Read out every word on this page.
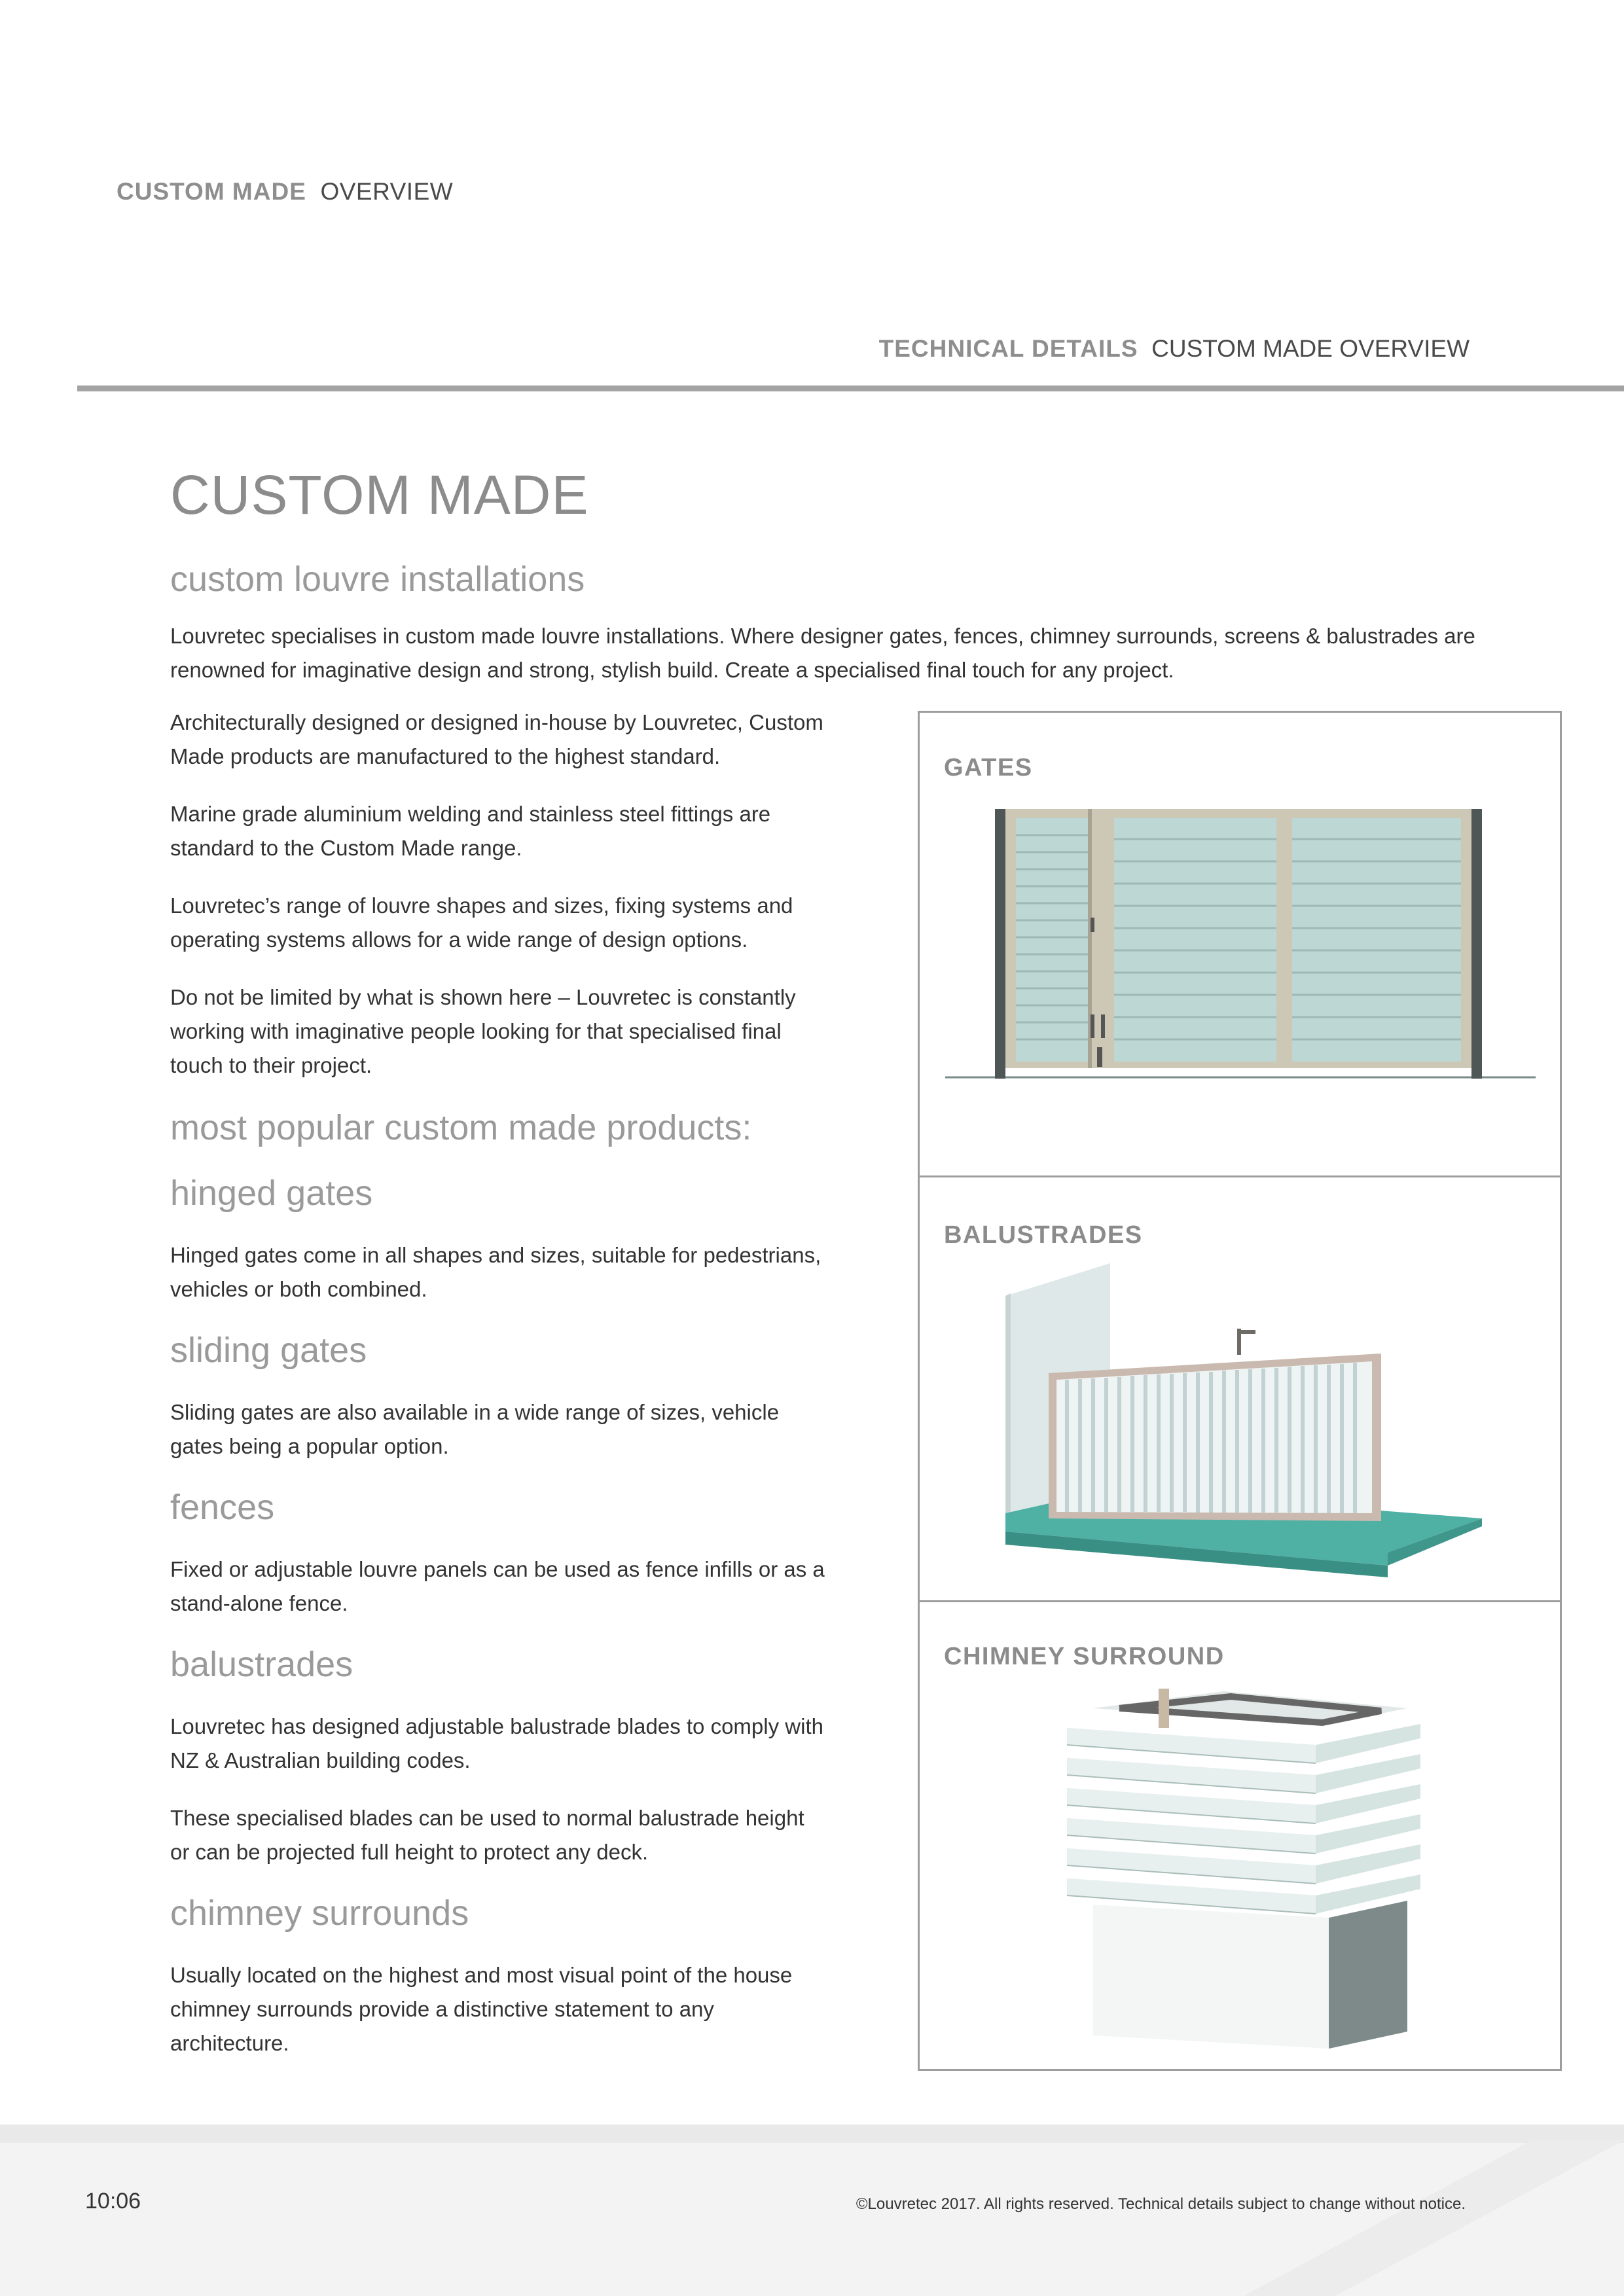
CUSTOM MADE OVERVIEW
TECHNICAL DETAILS CUSTOM MADE OVERVIEW
CUSTOM MADE
custom louvre installations
Louvretec specialises in custom made louvre installations. Where designer gates, fences, chimney surrounds, screens & balustrades are renowned for imaginative design and strong, stylish build. Create a specialised final touch for any project.
Architecturally designed or designed in-house by Louvretec, Custom Made products are manufactured to the highest standard.
Marine grade aluminium welding and stainless steel fittings are standard to the Custom Made range.
Louvretec’s range of louvre shapes and sizes, fixing systems and operating systems allows for a wide range of design options.
Do not be limited by what is shown here – Louvretec is constantly working with imaginative people looking for that specialised final touch to their project.
most popular custom made products:
hinged gates
Hinged gates come in all shapes and sizes, suitable for pedestrians, vehicles or both combined.
sliding gates
Sliding gates are also available in a wide range of sizes, vehicle gates being a popular option.
fences
Fixed or adjustable louvre panels can be used as fence infills or as a stand-alone fence.
balustrades
Louvretec has designed adjustable balustrade blades to comply with NZ & Australian building codes.
These specialised blades can be used to normal balustrade height or can be projected full height to protect any deck.
chimney surrounds
Usually located on the highest and most visual point of the house chimney surrounds provide a distinctive statement to any architecture.
GATES
BALUSTRADES
CHIMNEY SURROUND
10:06	©Louvretec 2017. All rights reserved. Technical details subject to change without notice.
